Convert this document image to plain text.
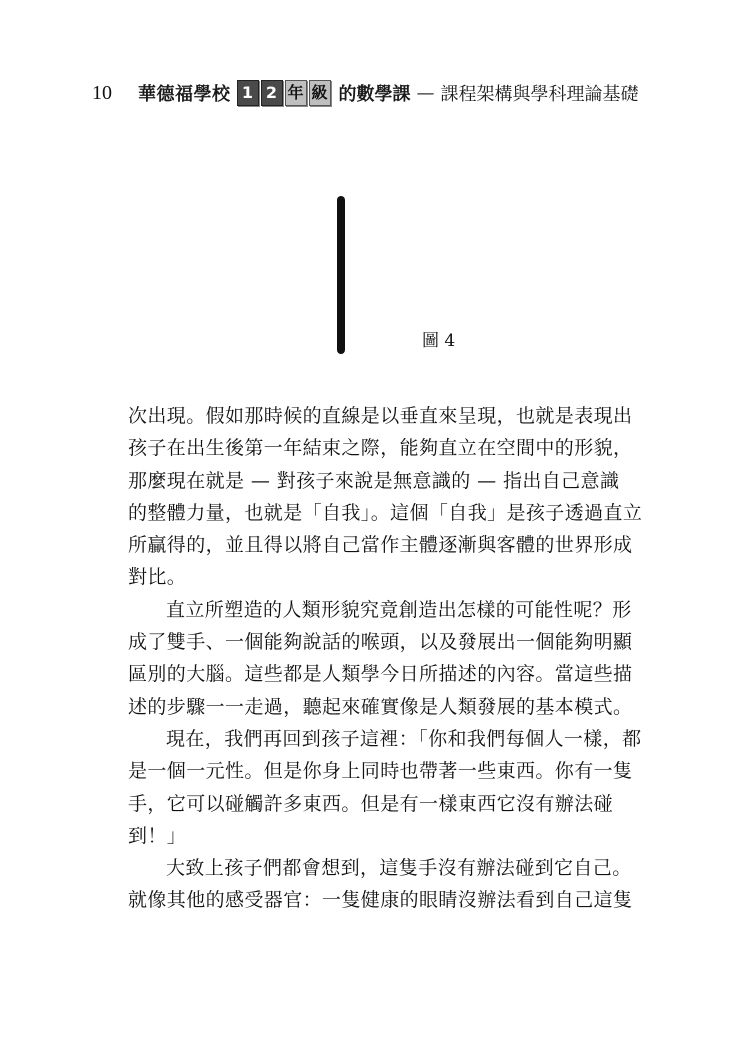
10	華德福學校 1 2 年 級 的數學課 — 課程架構與學科理論基礎
圖 4
次出現。假如那時候的直線是以垂直來呈現，也就是表現出
孩子在出生後第一年結束之際，能夠直立在空間中的形貌，
那麼現在就是 — 對孩子來說是無意識的 — 指出自己意識
的整體力量，也就是「自我」。這個「自我」是孩子透過直立
所贏得的，並且得以將自己當作主體逐漸與客體的世界形成
對比。
直立所塑造的人類形貌究竟創造出怎樣的可能性呢？形
成了雙手、一個能夠說話的喉頭，以及發展出一個能夠明顯
區別的大腦。這些都是人類學今日所描述的內容。當這些描
述的步驟一一走過，聽起來確實像是人類發展的基本模式。
現在，我們再回到孩子這裡：「你和我們每個人一樣，都
是一個一元性。但是你身上同時也帶著一些東西。你有一隻
手，它可以碰觸許多東西。但是有一樣東西它沒有辦法碰
到！」
大致上孩子們都會想到，這隻手沒有辦法碰到它自己。
就像其他的感受器官：一隻健康的眼睛沒辦法看到自己這隻
